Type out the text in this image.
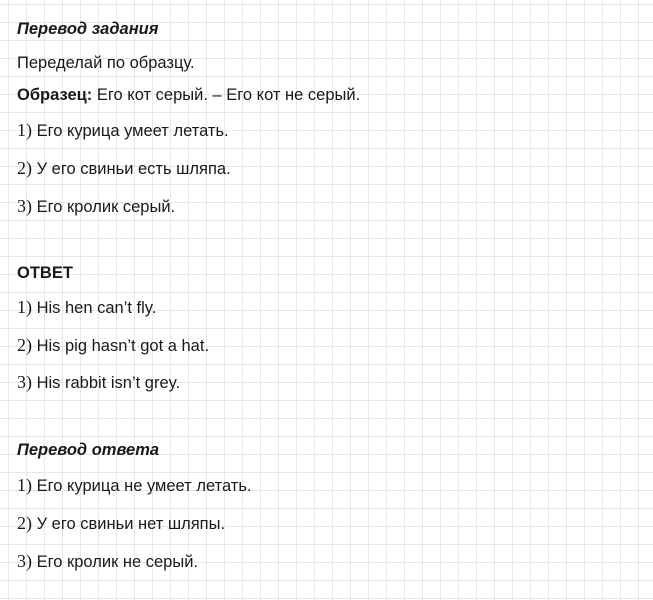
Перевод задания
Переделай по образцу.
Образец: Его кот серый. – Его кот не серый.
1) Его курица умеет летать.
2) У его свиньи есть шляпа.
3) Его кролик серый.
ОТВЕТ
1) His hen can’t fly.
2) His pig hasn’t got a hat.
3) His rabbit isn’t grey.
Перевод ответа
1) Его курица не умеет летать.
2) У его свиньи нет шляпы.
3) Его кролик не серый.
